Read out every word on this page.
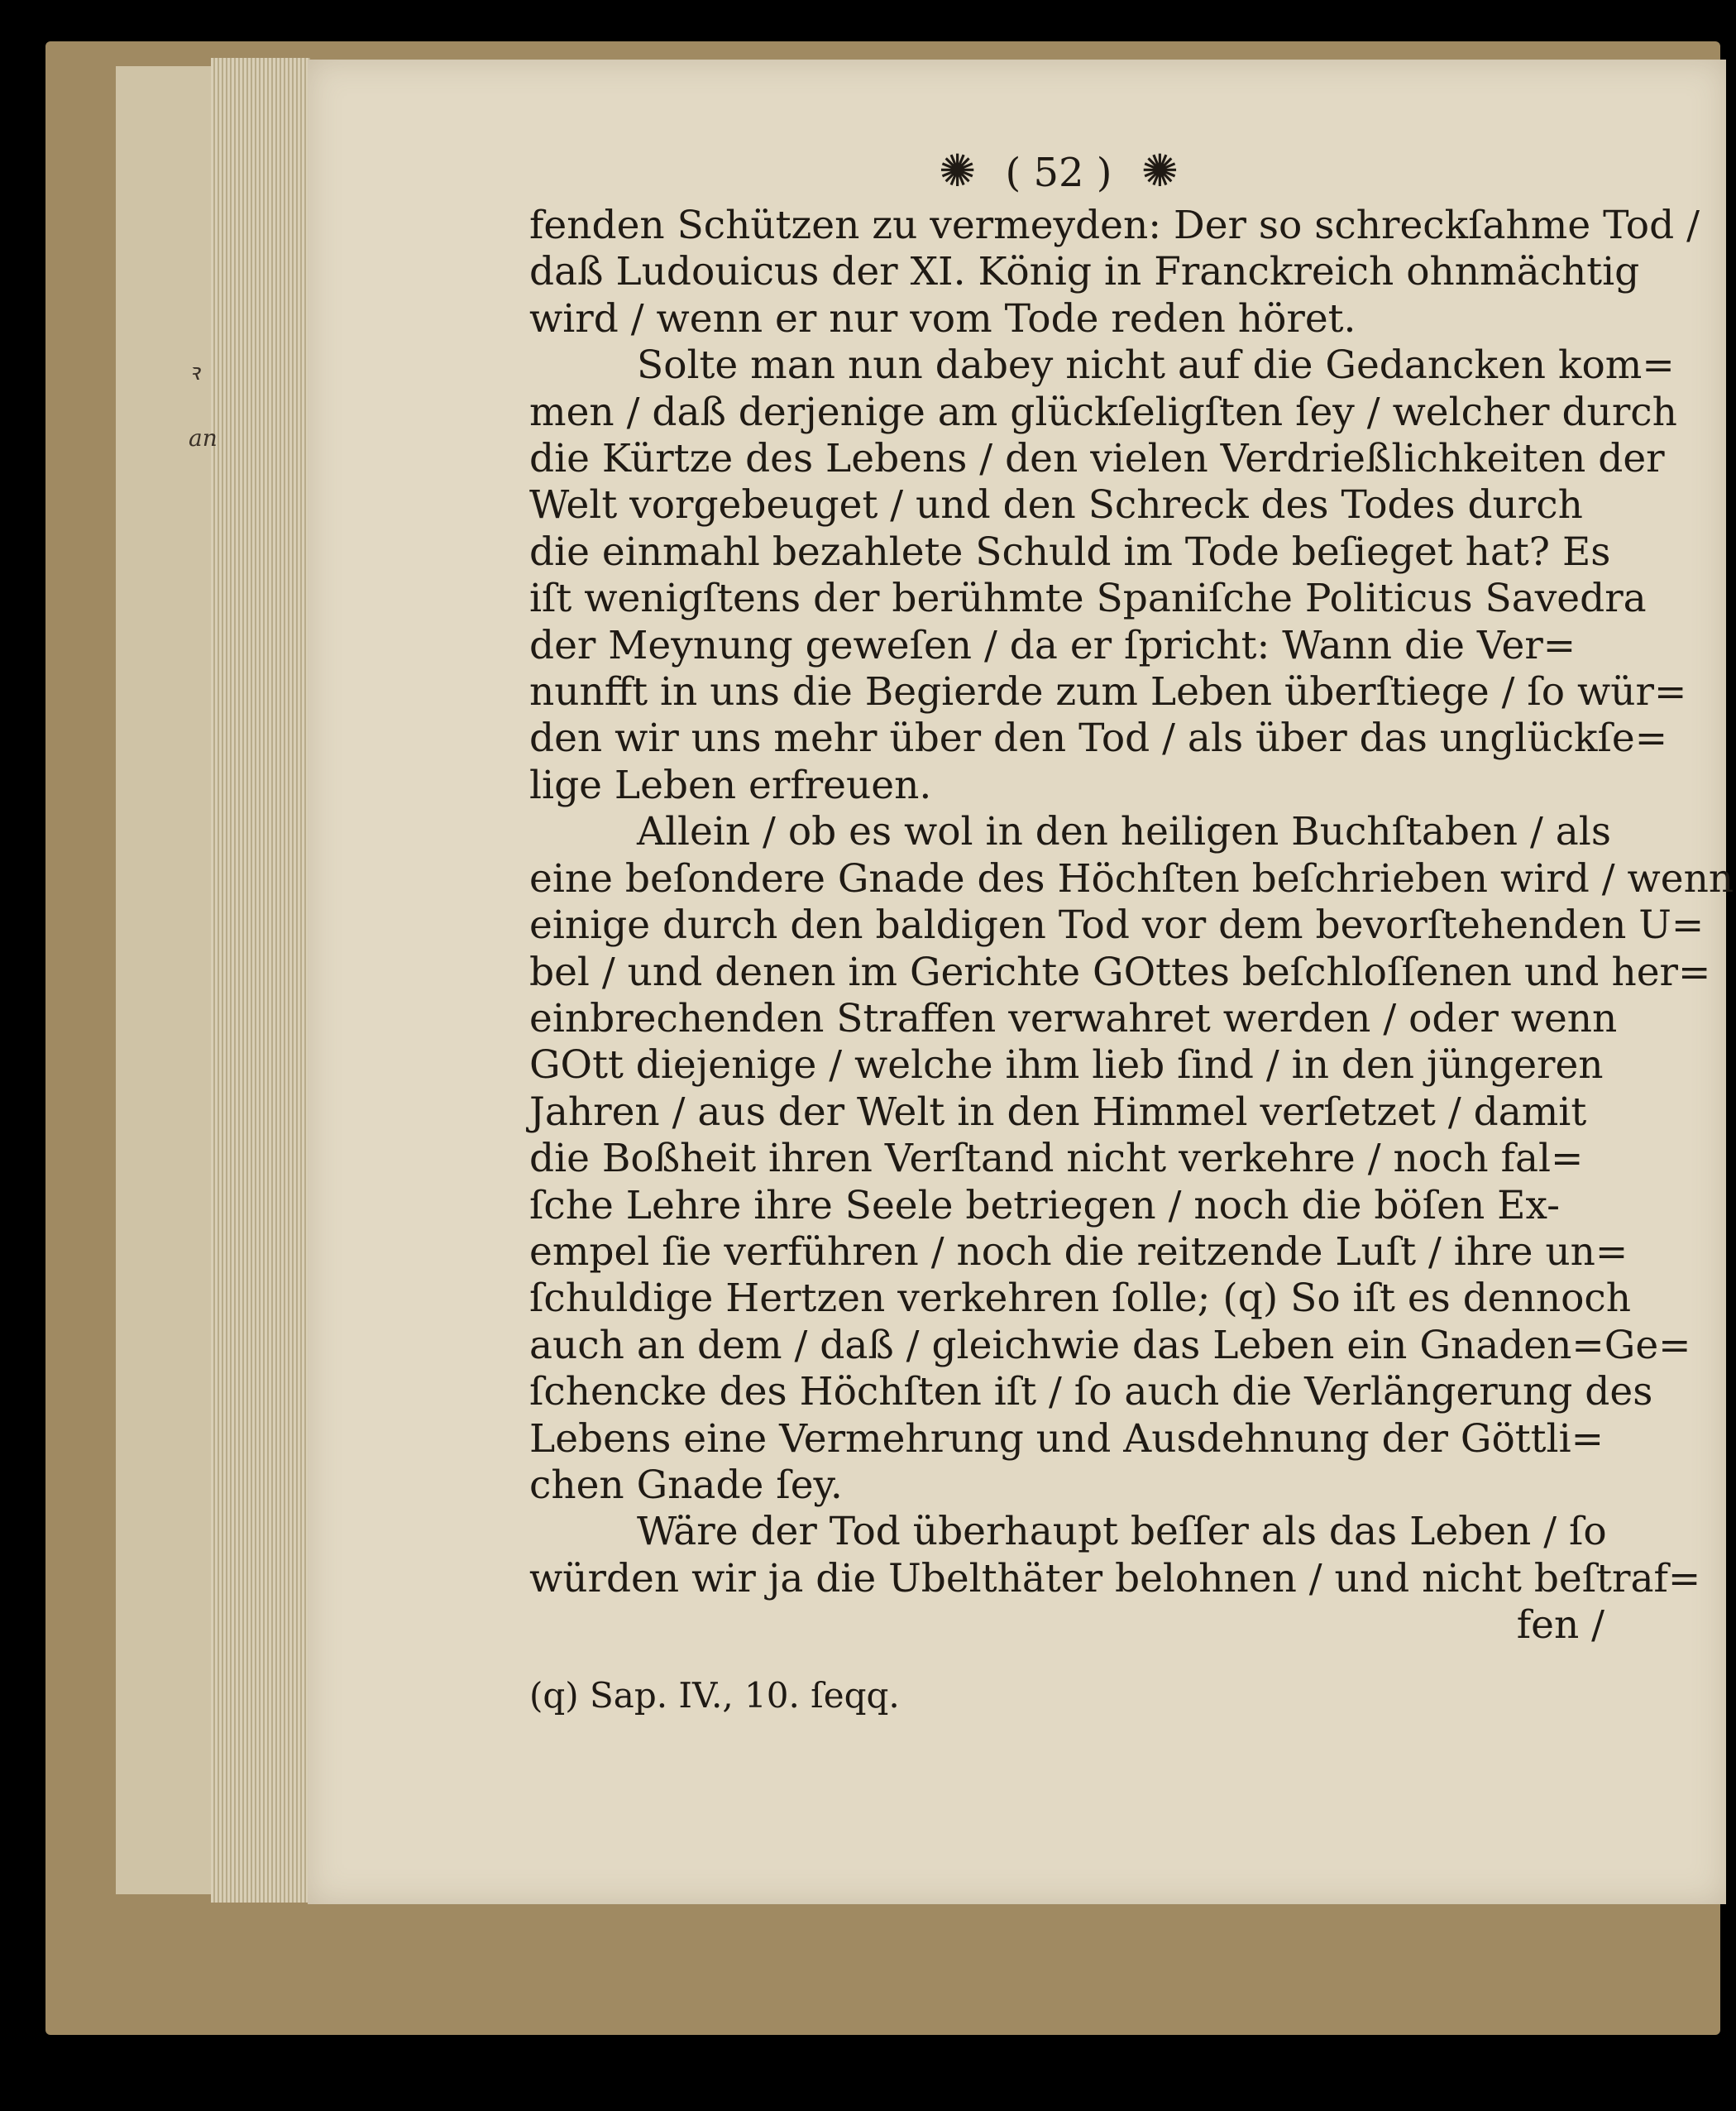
ꝛ
an
✺ ( 52 ) ✺
fenden Schützen zu vermeyden: Der so schreckſahme Tod /
daß Ludouicus der XI. König in Franckreich ohnmächtig
wird / wenn er nur vom Tode reden höret.
Solte man nun dabey nicht auf die Gedancken kom=
men / daß derjenige am glückſeligſten ſey / welcher durch
die Kürtze des Lebens / den vielen Verdrießlichkeiten der
Welt vorgebeuget / und den Schreck des Todes durch
die einmahl bezahlete Schuld im Tode beſieget hat? Es
iſt wenigſtens der berühmte Spaniſche Politicus Savedra
der Meynung geweſen / da er ſpricht: Wann die Ver=
nunfft in uns die Begierde zum Leben überſtiege / ſo wür=
den wir uns mehr über den Tod / als über das unglückſe=
lige Leben erfreuen.
Allein / ob es wol in den heiligen Buchſtaben / als
eine beſondere Gnade des Höchſten beſchrieben wird / wenn
einige durch den baldigen Tod vor dem bevorſtehenden U=
bel / und denen im Gerichte GOttes beſchloſſenen und her=
einbrechenden Straffen verwahret werden / oder wenn
GOtt diejenige / welche ihm lieb ſind / in den jüngeren
Jahren / aus der Welt in den Himmel verſetzet / damit
die Boßheit ihren Verſtand nicht verkehre / noch fal=
ſche Lehre ihre Seele betriegen / noch die böſen Ex-
empel ſie verführen / noch die reitzende Luſt / ihre un=
ſchuldige Hertzen verkehren ſolle; (q) So iſt es dennoch
auch an dem / daß / gleichwie das Leben ein Gnaden=Ge=
ſchencke des Höchſten iſt / ſo auch die Verlängerung des
Lebens eine Vermehrung und Ausdehnung der Göttli=
chen Gnade ſey.
Wäre der Tod überhaupt beſſer als das Leben / ſo
würden wir ja die Ubelthäter belohnen / und nicht beſtraf=
fen /
(q) Sap. IV., 10. ſeqq.
